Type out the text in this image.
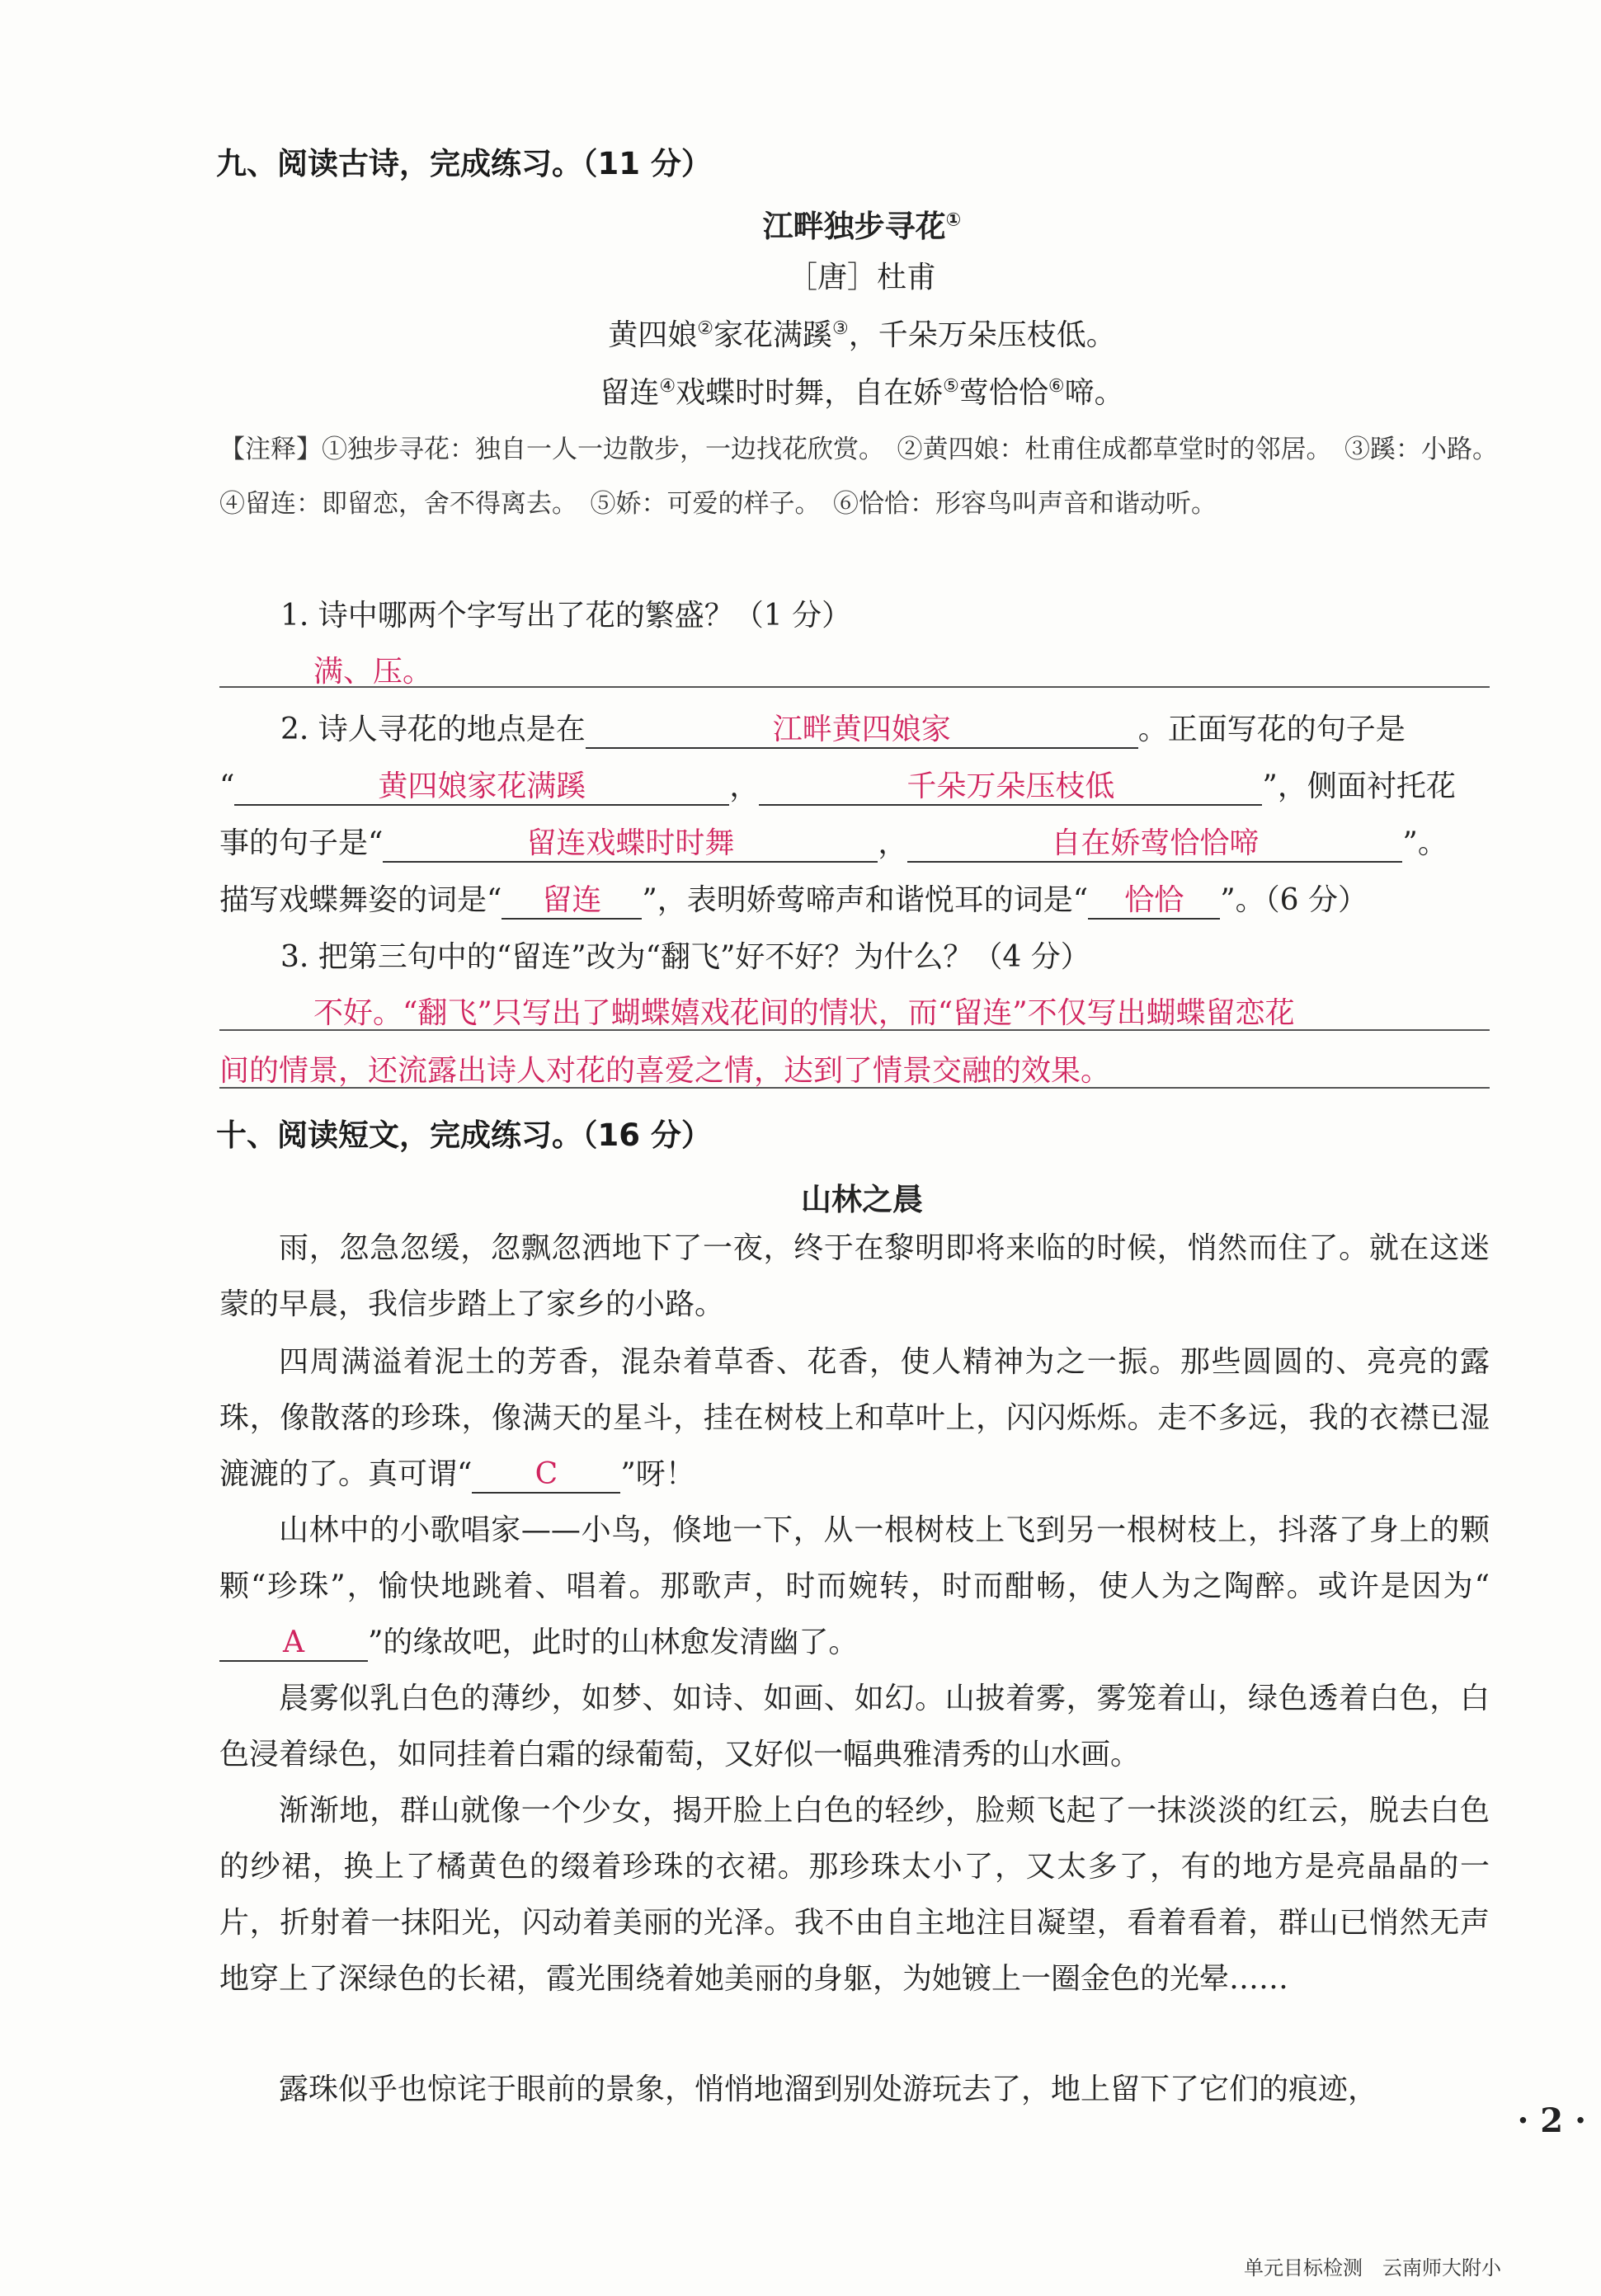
九、阅读古诗，完成练习。（11 分）
江畔独步寻花①
［唐］杜甫
黄四娘②家花满蹊③，千朵万朵压枝低。
留连④戏蝶时时舞，自在娇⑤莺恰恰⑥啼。
【注释】①独步寻花：独自一人一边散步，一边找花欣赏。　②黄四娘：杜甫住成都草堂时的邻居。　③蹊：小路。　④留连：即留恋，舍不得离去。　⑤娇：可爱的样子。　⑥恰恰：形容鸟叫声音和谐动听。
1. 诗中哪两个字写出了花的繁盛？（1 分）
满、压。
2. 诗人寻花的地点是在	江畔黄四娘家	。正面写花的句子是
“	黄四娘家花满蹊	，	千朵万朵压枝低	”，侧面衬托花
事的句子是“	留连戏蝶时时舞	，	自在娇莺恰恰啼	”。
描写戏蝶舞姿的词是“ 留连 ”，表明娇莺啼声和谐悦耳的词是“ 恰恰 ”。（6 分）
3. 把第三句中的“留连”改为“翻飞”好不好？为什么？（4 分）
不好。“翻飞”只写出了蝴蝶嬉戏花间的情状，而“留连”不仅写出蝴蝶留恋花
间的情景，还流露出诗人对花的喜爱之情，达到了情景交融的效果。
十、阅读短文，完成练习。（16 分）
山林之晨
雨，忽急忽缓，忽飘忽洒地下了一夜，终于在黎明即将来临的时候，悄然而住了。就在这迷蒙的早晨，我信步踏上了家乡的小路。
四周满溢着泥土的芳香，混杂着草香、花香，使人精神为之一振。那些圆圆的、亮亮的露珠，像散落的珍珠，像满天的星斗，挂在树枝上和草叶上，闪闪烁烁。走不多远，我的衣襟已湿漉漉的了。真可谓“ C ”呀！
山林中的小歌唱家——小鸟，倏地一下，从一根树枝上飞到另一根树枝上，抖落了身上的颗颗“珍珠”，愉快地跳着、唱着。那歌声，时而婉转，时而酣畅，使人为之陶醉。或许是因为“A ”的缘故吧，此时的山林愈发清幽了。
晨雾似乳白色的薄纱，如梦、如诗、如画、如幻。山披着雾，雾笼着山，绿色透着白色，白色浸着绿色，如同挂着白霜的绿葡萄，又好似一幅典雅清秀的山水画。
渐渐地，群山就像一个少女，揭开脸上白色的轻纱，脸颊飞起了一抹淡淡的红云，脱去白色的纱裙，换上了橘黄色的缀着珍珠的衣裙。那珍珠太小了，又太多了，有的地方是亮晶晶的一片，折射着一抹阳光，闪动着美丽的光泽。我不由自主地注目凝望，看着看着，群山已悄然无声地穿上了深绿色的长裙，霞光围绕着她美丽的身躯，为她镀上一圈金色的光晕……
露珠似乎也惊诧于眼前的景象，悄悄地溜到别处游玩去了，地上留下了它们的痕迹，
· 2 ·
单元目标检测　云南师大附小
